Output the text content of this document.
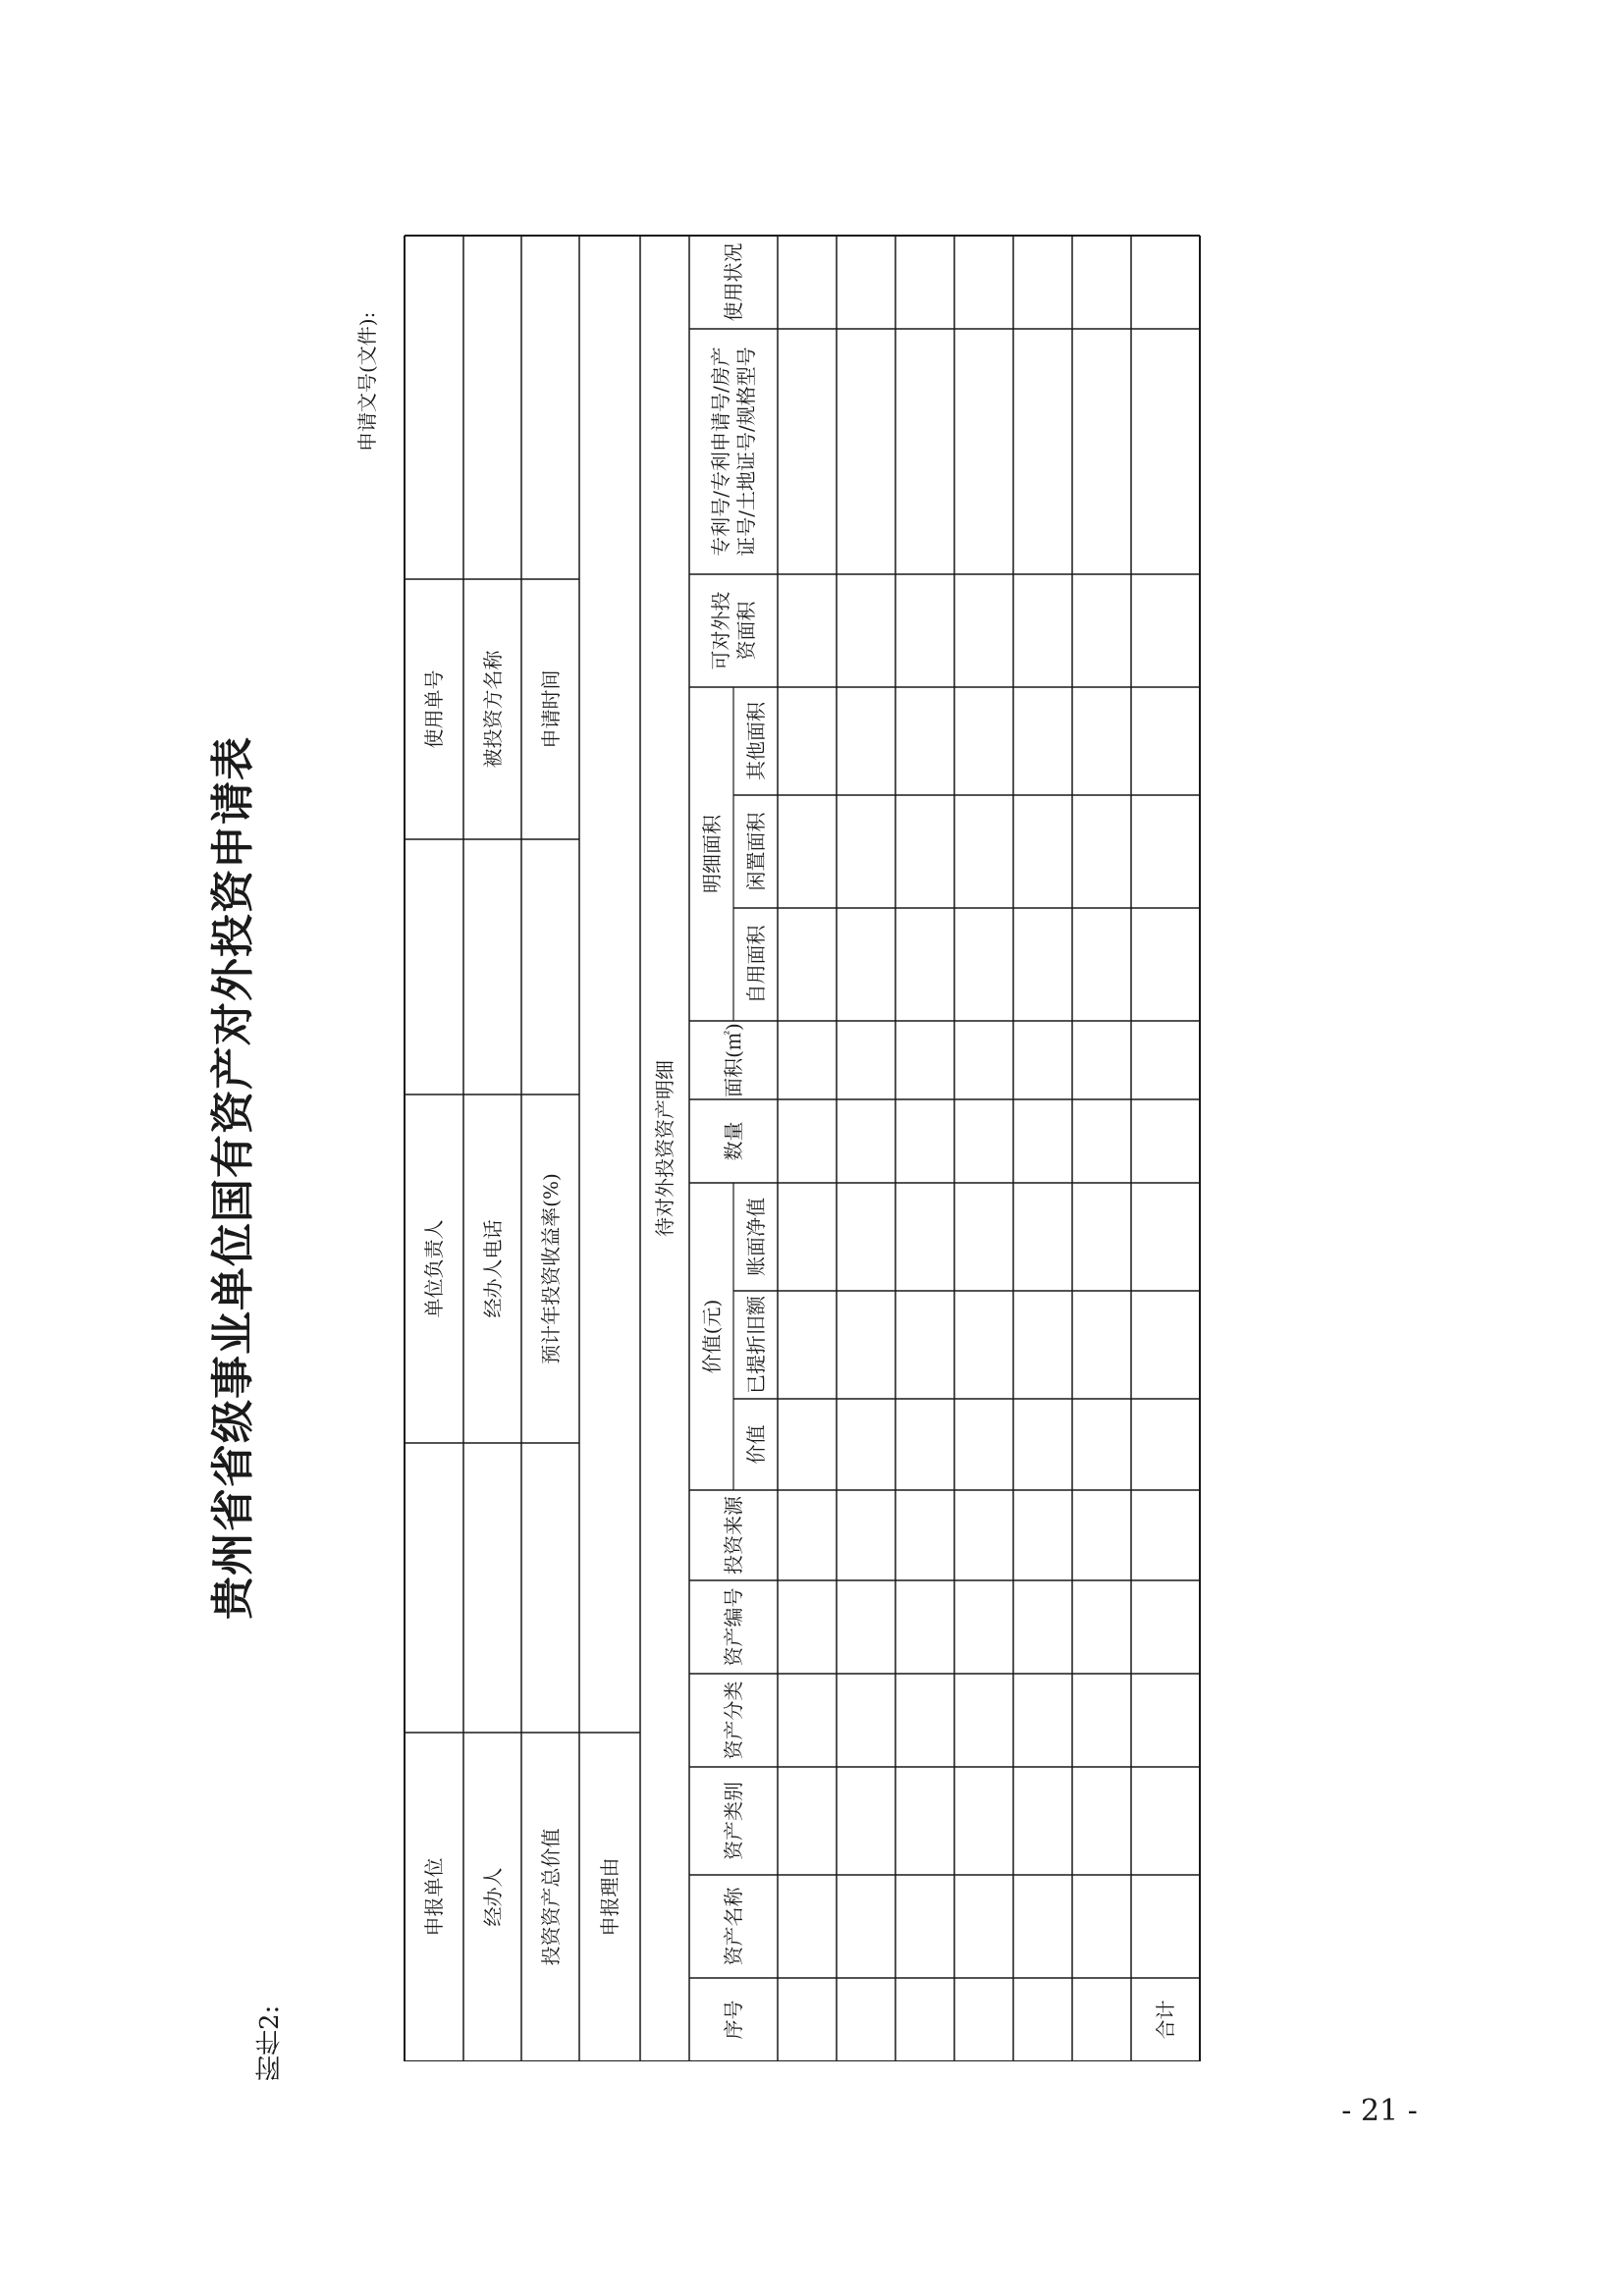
附件2:
- 21 -
贵州省省级事业单位国有资产对外投资申请表
申请文号(文件):
申报单位
单位负责人
使用单号
经办人
经办人电话
被投资方名称
投资资产总价值
预计年投资收益率(%)
申请时间
申报理由
待对外投资资产明细
序号
资产名称
资产类别
资产分类
资产编号
投资来源
价值(元)
价值
已提折旧额
账面净值
数量
面积(㎡)
明细面积
自用面积
闲置面积
其他面积
可对外投资面积
专利号/专利申请号/房产证号/土地证号/规格型号
使用状况
合计
